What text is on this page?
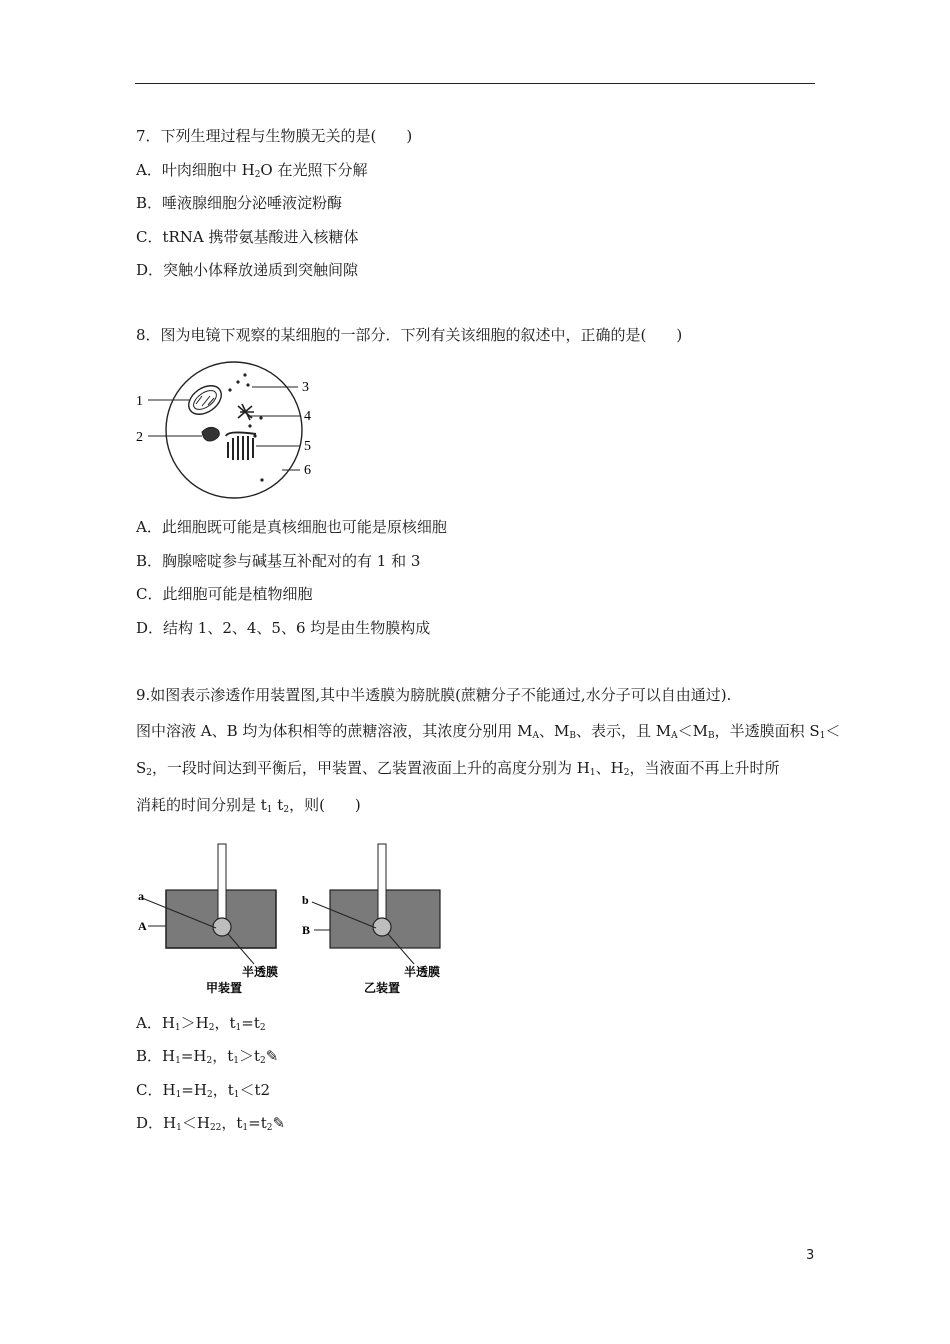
7．下列生理过程与生物膜无关的是(　　)
A．叶肉细胞中 $H_2O$ 在光照下分解
B．唾液腺细胞分泌唾液淀粉酶
C．tRNA 携带氨基酸进入核糖体
D．突触小体释放递质到突触间隙
8．图为电镜下观察的某细胞的一部分．下列有关该细胞的叙述中，正确的是(　　)
1
2
3
4
5
6
A．此细胞既可能是真核细胞也可能是原核细胞
B．胸腺嘧啶参与碱基互补配对的有 1 和 3
C．此细胞可能是植物细胞
D．结构 1、2、4、5、6 均是由生物膜构成
9.如图表示渗透作用装置图,其中半透膜为膀胱膜(蔗糖分子不能通过,水分子可以自由通过).
图中溶液 A、B 均为体积相等的蔗糖溶液，其浓度分别用 $M_A$、$M_B$、表示，且 $M_A<M_B$，半透膜面积 $S_1<$
$S_2$，一段时间达到平衡后，甲装置、乙装置液面上升的高度分别为 $H_1$、$H_2$，当液面不再上升时所
消耗的时间分别是 $t_1$ $t_2$，则(　　)
a
A
半透膜
甲装置
b
B
半透膜
乙装置
A．$H_1>H_2$，$t_1=t_2$
B．$H_1=H_2$，$t_1>t_2✎$
C．$H_1=H_2$，$t_1<t2$
D．$H_1<H_{22}$，$t_1=t_2✎$
3
